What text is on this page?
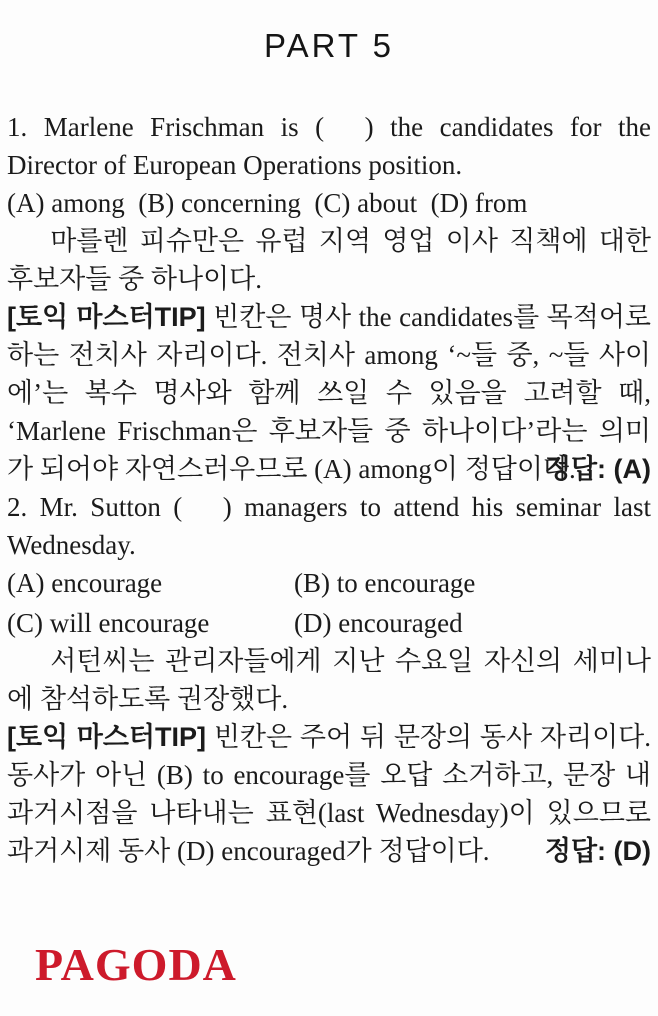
PART 5

1. Marlene Frischman is (  ) the candidates for the Director of European Operations position.

(A) among (B) concerning (C) about (D) from

마를렌 피슈만은 유럽 지역 영업 이사 직책에 대한 후보자들 중 하나이다.

[토익 마스터TIP] 빈칸은 명사 the candidates를 목적어로 하는 전치사 자리이다. 전치사 among ‘~들 중, ~들 사이에’는 복수 명사와 함께 쓰일 수 있음을 고려할 때, ‘Marlene Frischman은 후보자들 중 하나이다’라는 의미가 되어야 자연스러우므로 (A) among이 정답이다.

정답: (A)

2. Mr. Sutton (  ) managers to attend his seminar last Wednesday.

(A) encourage	(B) to encourage
(C) will encourage	(D) encouraged

서턴씨는 관리자들에게 지난 수요일 자신의 세미나에 참석하도록 권장했다.

[토익 마스터TIP] 빈칸은 주어 뒤 문장의 동사 자리이다. 동사가 아닌 (B) to encourage를 오답 소거하고, 문장 내 과거시점을 나타내는 표현(last Wednesday)이 있으므로 과거시제 동사 (D) encouraged가 정답이다.	정답: (D)
PAGODA
